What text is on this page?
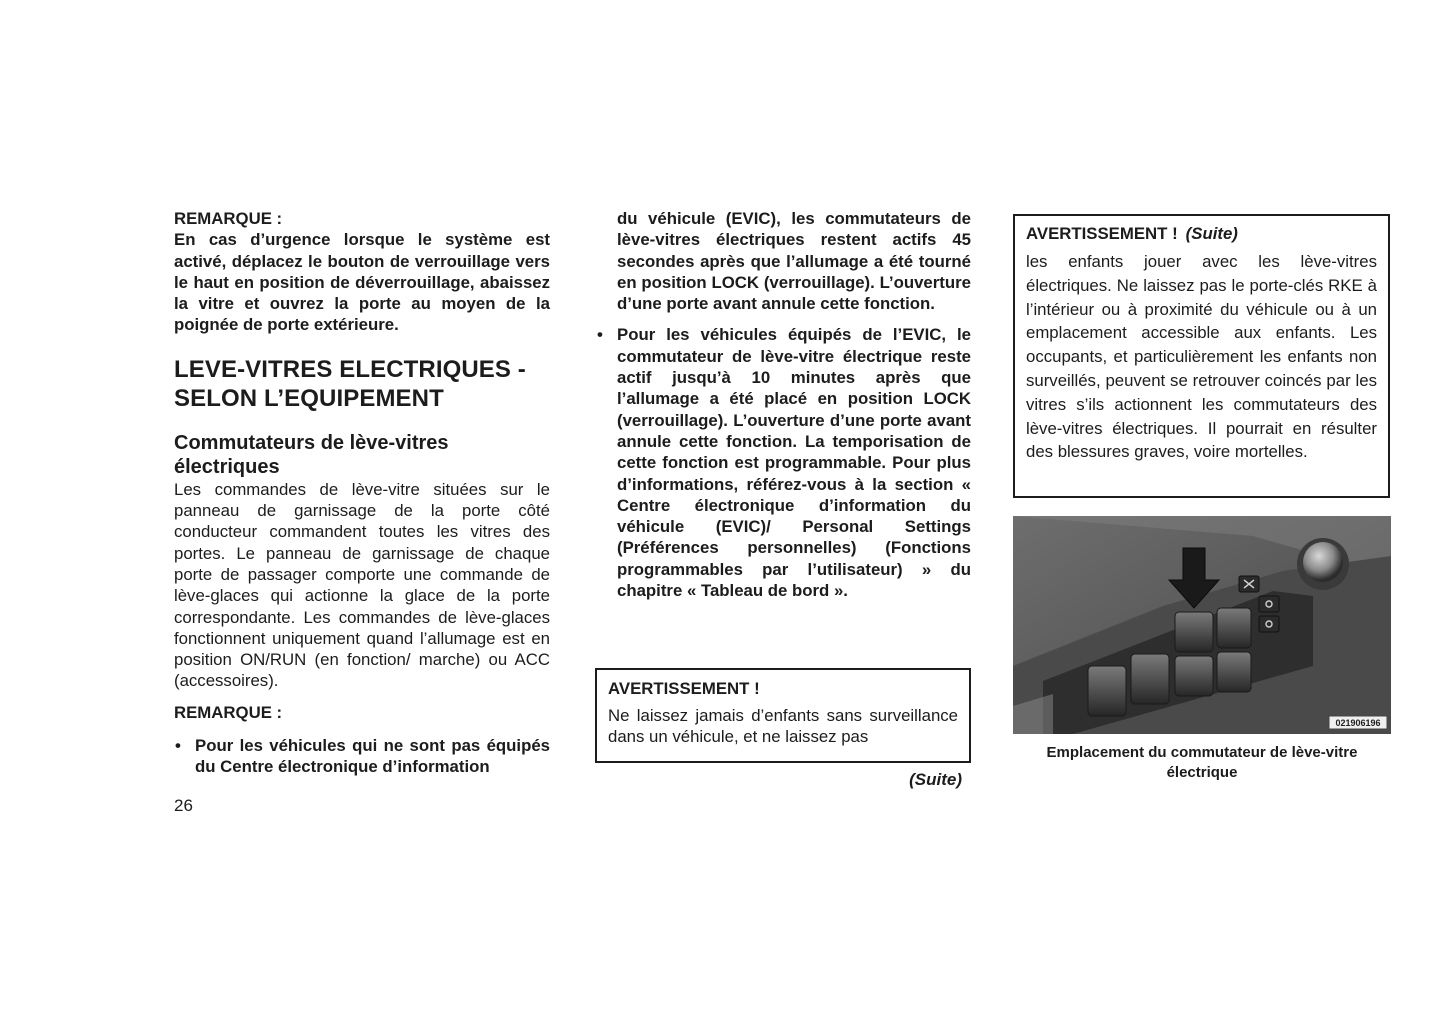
REMARQUE :

En cas d’urgence lorsque le système est activé, déplacez le bouton de verrouillage vers le haut en position de déverrouillage, abaissez la vitre et ouvrez la porte au moyen de la poignée de porte extérieure.

LEVE-VITRES ELECTRIQUES -
SELON L’EQUIPEMENT
Commutateurs de lève-vitres
électriques

Les commandes de lève-vitre situées sur le panneau de garnissage de la porte côté conducteur commandent toutes les vitres des portes. Le panneau de garnissage de chaque porte de passager comporte une commande de lève-glaces qui actionne la glace de la porte correspondante. Les commandes de lève-glaces fonctionnent uniquement quand l’allumage est en position ON/RUN (en fonction/ marche) ou ACC (accessoires).

REMARQUE :

• Pour les véhicules qui ne sont pas équipés du Centre électronique d’information

26

du véhicule (EVIC), les commutateurs de lève-vitres électriques restent actifs 45 secondes après que l’allumage a été tourné en position LOCK (verrouillage). L’ouverture d’une porte avant annule cette fonction.

• Pour les véhicules équipés de l’EVIC, le commutateur de lève-vitre électrique reste actif jusqu’à 10 minutes après que l’allumage a été placé en position LOCK (verrouillage). L’ouverture d’une porte avant annule cette fonction. La temporisation de cette fonction est programmable. Pour plus d’informations, référez-vous à la section « Centre électronique d’information du véhicule (EVIC)/ Personal Settings (Préférences personnelles) (Fonctions programmables par l’utilisateur) » du chapitre « Tableau de bord ».

AVERTISSEMENT !

Ne laissez jamais d’enfants sans surveillance dans un véhicule, et ne laissez pas

(Suite)

AVERTISSEMENT ! (Suite)

les enfants jouer avec les lève-vitres électriques. Ne laissez pas le porte-clés RKE à l’intérieur ou à proximité du véhicule ou à un emplacement accessible aux enfants. Les occupants, et particulièrement les enfants non surveillés, peuvent se retrouver coincés par les vitres s’ils actionnent les commutateurs des lève-vitres électriques. Il pourrait en résulter des blessures graves, voire mortelles.

021906196
Emplacement du commutateur de lève-vitre
électrique
